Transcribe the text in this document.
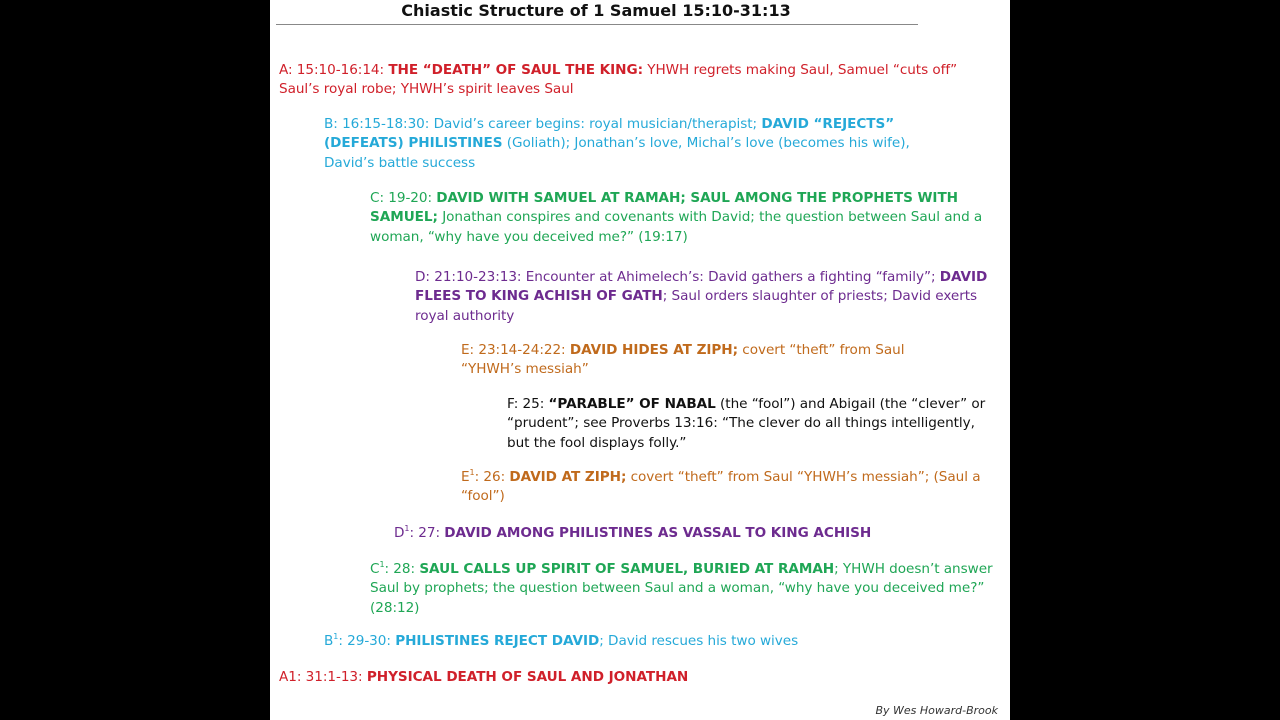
Chiastic Structure of 1 Samuel 15:10-31:13
A: 15:10-16:14: THE “DEATH” OF SAUL THE KING: YHWH regrets making Saul, Samuel “cuts off” Saul’s royal robe; YHWH’s spirit leaves Saul
B: 16:15-18:30: David’s career begins: royal musician/therapist; DAVID “REJECTS” (DEFEATS) PHILISTINES (Goliath); Jonathan’s love, Michal’s love (becomes his wife), David’s battle success
C: 19-20: DAVID WITH SAMUEL AT RAMAH; SAUL AMONG THE PROPHETS WITH SAMUEL; Jonathan conspires and covenants with David; the question between Saul and a woman, “why have you deceived me?” (19:17)
D: 21:10-23:13: Encounter at Ahimelech’s: David gathers a fighting “family”; DAVID FLEES TO KING ACHISH OF GATH; Saul orders slaughter of priests; David exerts royal authority
E: 23:14-24:22: DAVID HIDES AT ZIPH; covert “theft” from Saul “YHWH’s messiah”
F: 25: “PARABLE” OF NABAL (the “fool”) and Abigail (the “clever” or “prudent”; see Proverbs 13:16: “The clever do all things intelligently, but the fool displays folly.”
$E^1$: 26: DAVID AT ZIPH; covert “theft” from Saul “YHWH’s messiah”; (Saul a “fool”)
$D^1$: 27: DAVID AMONG PHILISTINES AS VASSAL TO KING ACHISH
$C^1$: 28: SAUL CALLS UP SPIRIT OF SAMUEL, BURIED AT RAMAH; YHWH doesn’t answer Saul by prophets; the question between Saul and a woman, “why have you deceived me?” (28:12)
$B^1$: 29-30: PHILISTINES REJECT DAVID; David rescues his two wives
A1: 31:1-13: PHYSICAL DEATH OF SAUL AND JONATHAN
By Wes Howard-Brook
